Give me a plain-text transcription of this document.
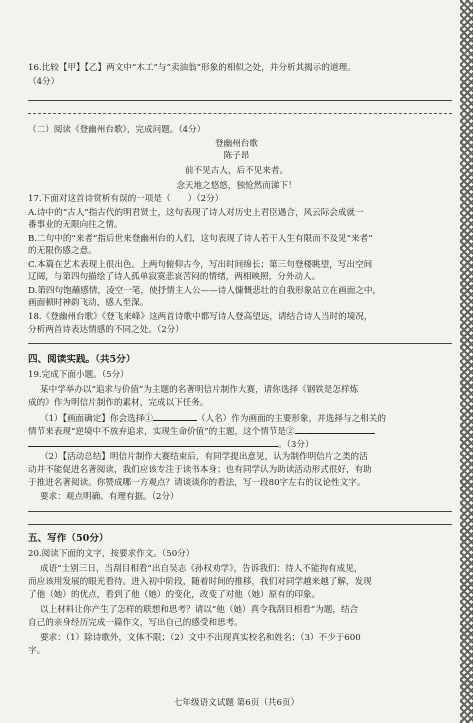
16.比较【甲】【乙】两文中“木工”与“卖油翁”形象的相似之处，并分析其揭示的道理。
（4分）
（二）阅读《登幽州台歌》，完成问题。（4分）
登幽州台歌
陈子昂
前不见古人，后不见来者。
念天地之悠悠，独怆然而涕下！
17.下面对这首诗赏析有误的一项是（　　）（2分）
A.诗中的“古人”指古代的明君贤士，这句表现了诗人对历史上君臣遇合，风云际会成就一
番事业的无限向往之情。
B.二句中的“来者”指后世来登幽州台的人们，这句表现了诗人若干人生有限而不及见“来者”
的无限伤感之意。
C.本篇在艺术表现上很出色。上两句俯仰古今，写出时间绵长；第三句登楼眺望，写出空间
辽阔，与第四句描绘了诗人孤单寂寞悲哀苦闷的情绪，两相映照，分外动人。
D.第四句饱蘸感情，凌空一笔，使抒情主人公——诗人慷慨悲壮的自我形象站立在画面之中，
画面顿时神韵飞动，感人至深。
18.《登幽州台歌》《登飞来峰》这两首诗歌中都写诗人登高望远，请结合诗人当时的境况，
分析两首诗表达情感的不同之处。（2分）
四、阅读实践。（共5分）
19.完成下面小题。（5分）
某中学举办以“追求与价值”为主题的名著明信片制作大赛，请你选择《钢铁是怎样炼
成的》作为明信片制作的素材，完成以下任务。
（1）【画面确定】你会选择①	（人名）作为画面的主要形象，并选择与之相关的
情节来表现“逆境中不放弃追求，实现生命价值”的主题，这个情节是②
。（3分）
（2）【活动总结】明信片制作大赛结束后，有同学提出意见，认为制作明信片之类的活
动并不能促进名著阅读，我们应该专注于读书本身；也有同学认为助读活动形式很好，有助
于推进名著阅读。你赞成哪一方观点？请谈谈你的看法，写一段80字左右的议论性文字。
要求：观点明确、有理有据。（2分）
五、写作（50分）
20.阅读下面的文字，按要求作文。（50分）
成语“士别三日，当刮目相看”出自吴志《孙权劝学》，告诉我们：待人不能拘有成见，
而应该用发展的眼光看待。进入初中阶段，随着时间的推移，我们对同学越来越了解，发现
了他（她）的优点，看到了他（她）的变化，改变了对他（她）原有的印象。
以上材料让你产生了怎样的联想和思考？请以“他（她）真令我刮目相看”为题，结合
自己的亲身经历完成一篇作文，写出自己的感受和思考。
要求：（1）除诗歌外，文体不限；（2）文中不出现真实校名和姓名；（3）不少于600
字。
七年级语文试题 第6页（共6页）
